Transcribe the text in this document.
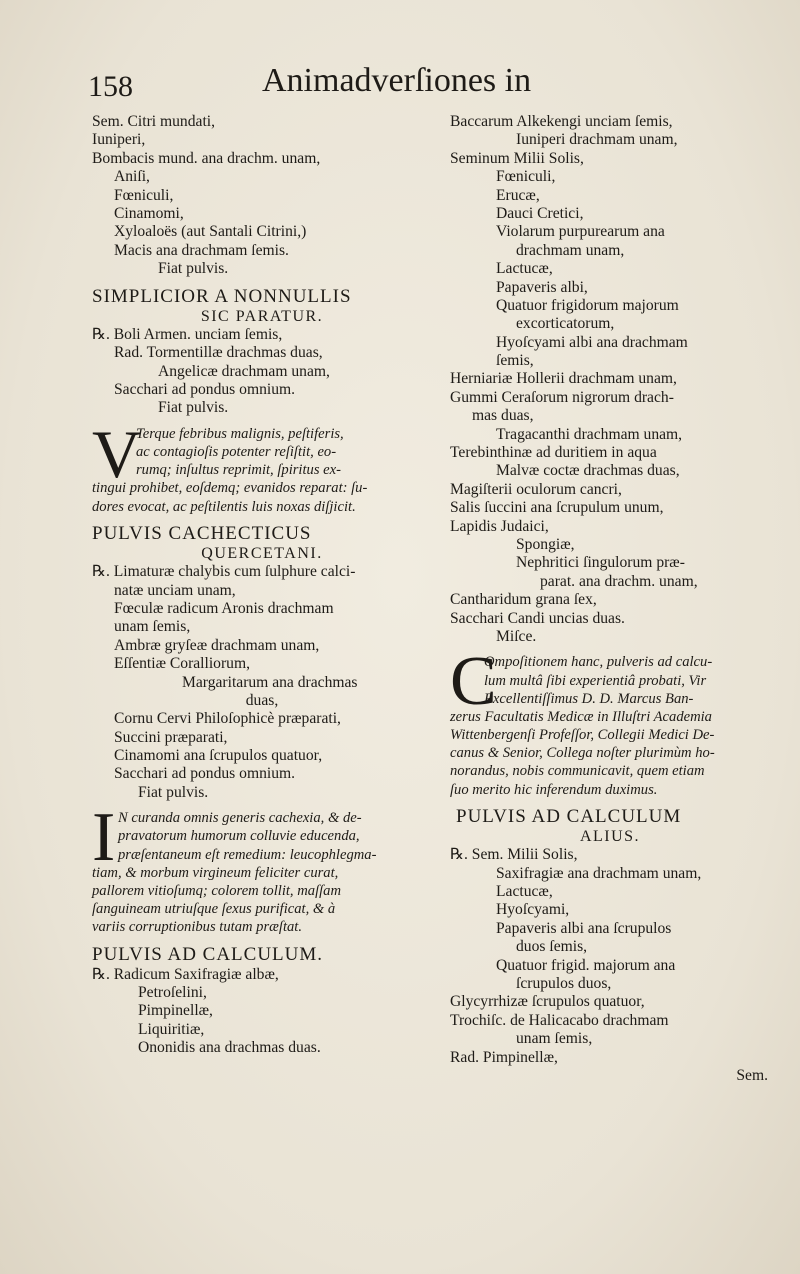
158	Animadverſiones in
Sem. Citri mundati,
Iuniperi,
Bombacis mund. ana drachm. unam,
Aniſi,
Fœniculi,
Cinamomi,
Xyloaloës (aut Santali Citrini,)
Macis ana drachmam ſemis.
Fiat pulvis.
SIMPLICIOR A NONNULLIS
SIC PARATUR.
℞. Boli Armen. unciam ſemis,
Rad. Tormentillæ drachmas duas,
Angelicæ drachmam unam,
Sacchari ad pondus omnium.
Fiat pulvis.
V
Terque febribus malignis, peſtiferis,
ac contagioſis potenter reſiſtit, eo-
rumq; inſultus reprimit, ſpiritus ex-
tingui prohibet, eoſdemq; evanidos reparat: ſu-
dores evocat, ac peſtilentis luis noxas diſjicit.
PULVIS CACHECTICUS
QUERCETANI.
℞. Limaturæ chalybis cum ſulphure calci-
natæ unciam unam,
Fœculæ radicum Aronis drachmam
unam ſemis,
Ambræ gryſeæ drachmam unam,
Eſſentiæ Coralliorum,
Margaritarum ana drachmas
duas,
Cornu Cervi Philoſophicè præparati,
Succini præparati,
Cinamomi ana ſcrupulos quatuor,
Sacchari ad pondus omnium.
Fiat pulvis.
I N curanda omnis generis cachexia, & de-
pravatorum humorum colluvie educenda,
præſentaneum eſt remedium: leucophlegma-
tiam, & morbum virgineum feliciter curat,
pallorem vitioſumq; colorem tollit, maſſam
ſanguineam utriuſque ſexus purificat, & à
variis corruptionibus tutam præſtat.
PULVIS AD CALCULUM.
℞. Radicum Saxifragiæ albæ,
Petroſelini,
Pimpinellæ,
Liquiritiæ,
Ononidis ana drachmas duas.
Baccarum Alkekengi unciam ſemis,
Iuniperi drachmam unam,
Seminum Milii Solis,
Fœniculi,
Erucæ,
Dauci Cretici,
Violarum purpurearum ana
drachmam unam,
Lactucæ,
Papaveris albi,
Quatuor frigidorum majorum
excorticatorum,
Hyoſcyami albi ana drachmam
ſemis,
Herniariæ Hollerii drachmam unam,
Gummi Ceraſorum nigrorum drach-
mas duas,
Tragacanthi drachmam unam,
Terebinthinæ ad duritiem in aqua
Malvæ coctæ drachmas duas,
Magiſterii oculorum cancri,
Salis ſuccini ana ſcrupulum unum,
Lapidis Judaici,
Spongiæ,
Nephritici ſingulorum præ-
parat. ana drachm. unam,
Cantharidum grana ſex,
Sacchari Candi uncias duas.
Miſce.
C
Ompoſitionem hanc, pulveris ad calcu-
lum multâ ſibi experientiâ probati, Vir
Excellentiſſimus D. D. Marcus Ban-
zerus Facultatis Medicæ in Illuſtri Academia
Wittenbergenſi Profeſſor, Collegii Medici De-
canus & Senior, Collega noſter plurimùm ho-
norandus, nobis communicavit, quem etiam
ſuo merito hic inferendum duximus.
PULVIS AD CALCULUM
ALIUS.
℞. Sem. Milii Solis,
Saxifragiæ ana drachmam unam,
Lactucæ,
Hyoſcyami,
Papaveris albi ana ſcrupulos
duos ſemis,
Quatuor frigid. majorum ana
ſcrupulos duos,
Glycyrrhizæ ſcrupulos quatuor,
Trochiſc. de Halicacabo drachmam
unam ſemis,
Rad. Pimpinellæ,
Sem.
